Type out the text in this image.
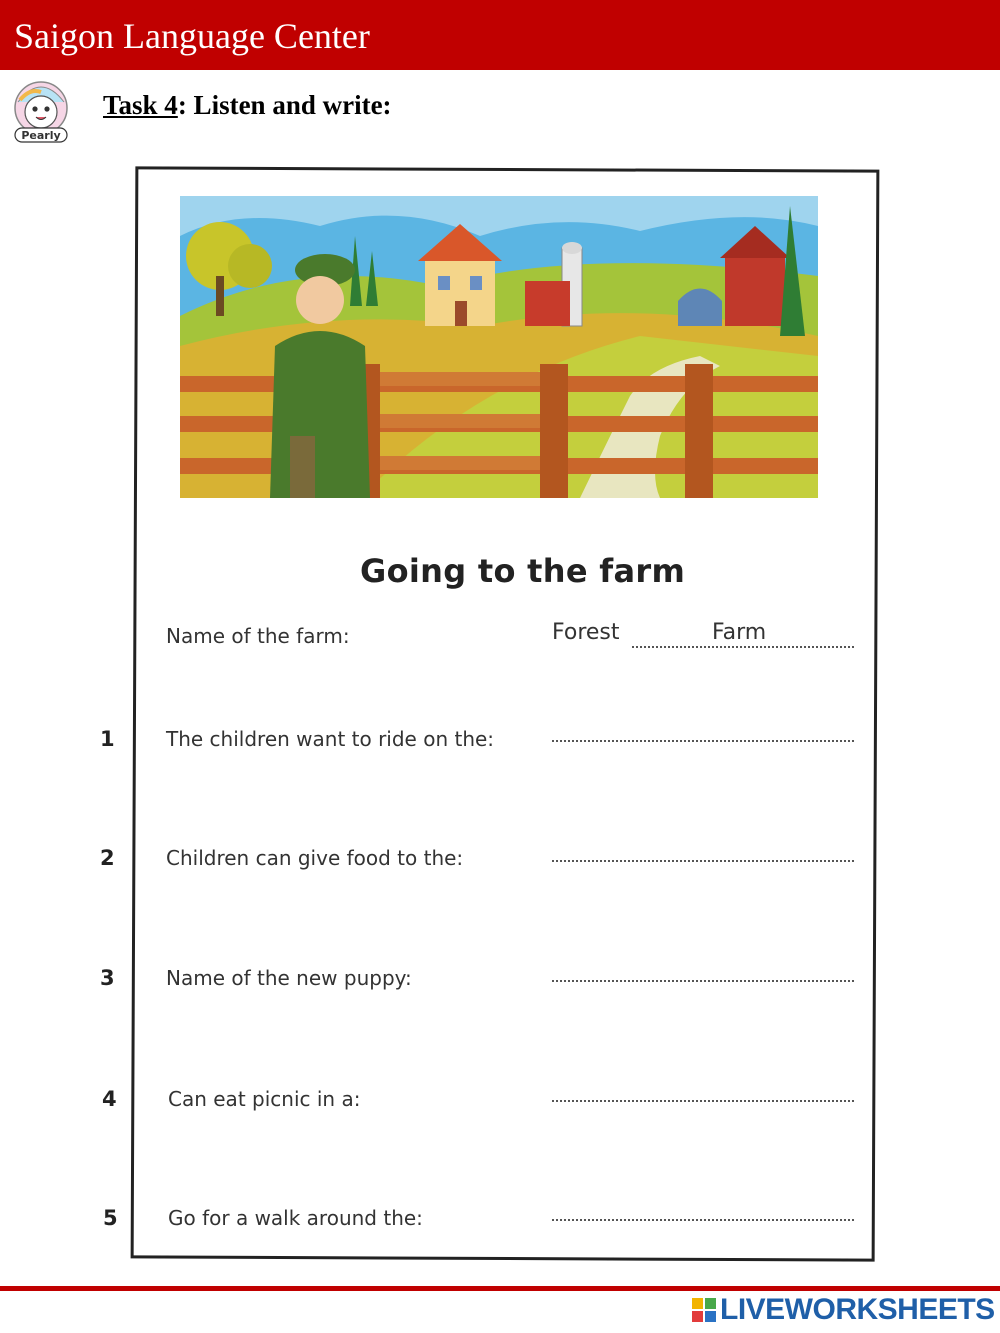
Saigon Language Center
Pearly
Task 4: Listen and write:
Going to the farm
Name of the farm:	Forest	Farm
1	The children want to ride on the:
2	Children can give food to the:
3	Name of the new puppy:
4	Can eat picnic in a:
5	Go for a walk around the:
LIVEWORKSHEETS
